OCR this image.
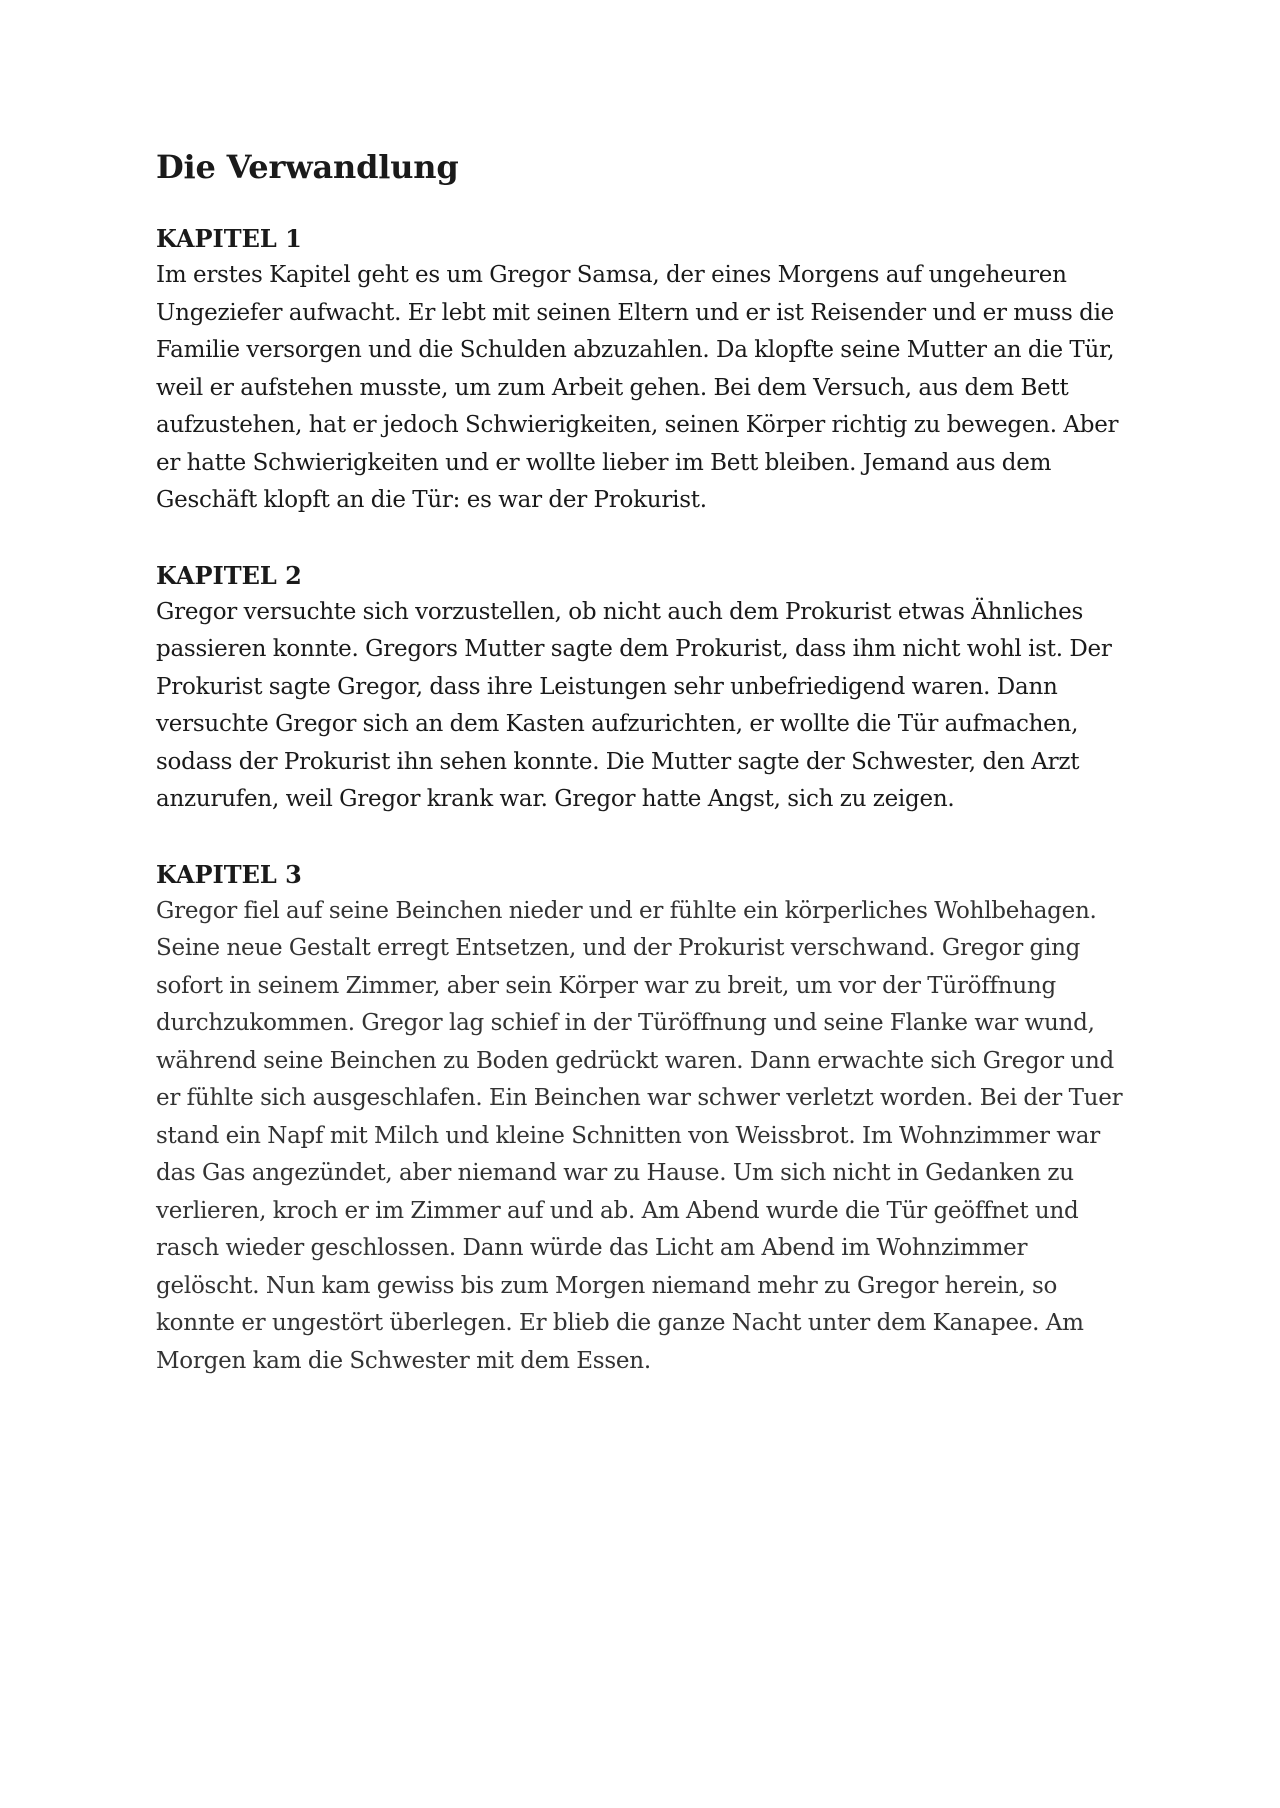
Die Verwandlung
KAPITEL 1

Im erstes Kapitel geht es um Gregor Samsa, der eines Morgens auf ungeheuren Ungeziefer aufwacht. Er lebt mit seinen Eltern und er ist Reisender und er muss die Familie versorgen und die Schulden abzuzahlen. Da klopfte seine Mutter an die Tür, weil er aufstehen musste, um zum Arbeit gehen. Bei dem Versuch, aus dem Bett aufzustehen, hat er jedoch Schwierigkeiten, seinen Körper richtig zu bewegen. Aber er hatte Schwierigkeiten und er wollte lieber im Bett bleiben. Jemand aus dem Geschäft klopft an die Tür: es war der Prokurist.

KAPITEL 2

Gregor versuchte sich vorzustellen, ob nicht auch dem Prokurist etwas Ähnliches passieren konnte. Gregors Mutter sagte dem Prokurist, dass ihm nicht wohl ist. Der Prokurist sagte Gregor, dass ihre Leistungen sehr unbefriedigend waren. Dann versuchte Gregor sich an dem Kasten aufzurichten, er wollte die Tür aufmachen, sodass der Prokurist ihn sehen konnte. Die Mutter sagte der Schwester, den Arzt anzurufen, weil Gregor krank war. Gregor hatte Angst, sich zu zeigen.

KAPITEL 3

Gregor fiel auf seine Beinchen nieder und er fühlte ein körperliches Wohlbehagen. Seine neue Gestalt erregt Entsetzen, und der Prokurist verschwand. Gregor ging sofort in seinem Zimmer, aber sein Körper war zu breit, um vor der Türöffnung durchzukommen. Gregor lag schief in der Türöffnung und seine Flanke war wund, während seine Beinchen zu Boden gedrückt waren. Dann erwachte sich Gregor und er fühlte sich ausgeschlafen. Ein Beinchen war schwer verletzt worden. Bei der Tuer stand ein Napf mit Milch und kleine Schnitten von Weissbrot. Im Wohnzimmer war das Gas angezündet, aber niemand war zu Hause. Um sich nicht in Gedanken zu verlieren, kroch er im Zimmer auf und ab. Am Abend wurde die Tür geöffnet und rasch wieder geschlossen. Dann würde das Licht am Abend im Wohnzimmer gelöscht. Nun kam gewiss bis zum Morgen niemand mehr zu Gregor herein, so konnte er ungestört überlegen. Er blieb die ganze Nacht unter dem Kanapee. Am Morgen kam die Schwester mit dem Essen.
